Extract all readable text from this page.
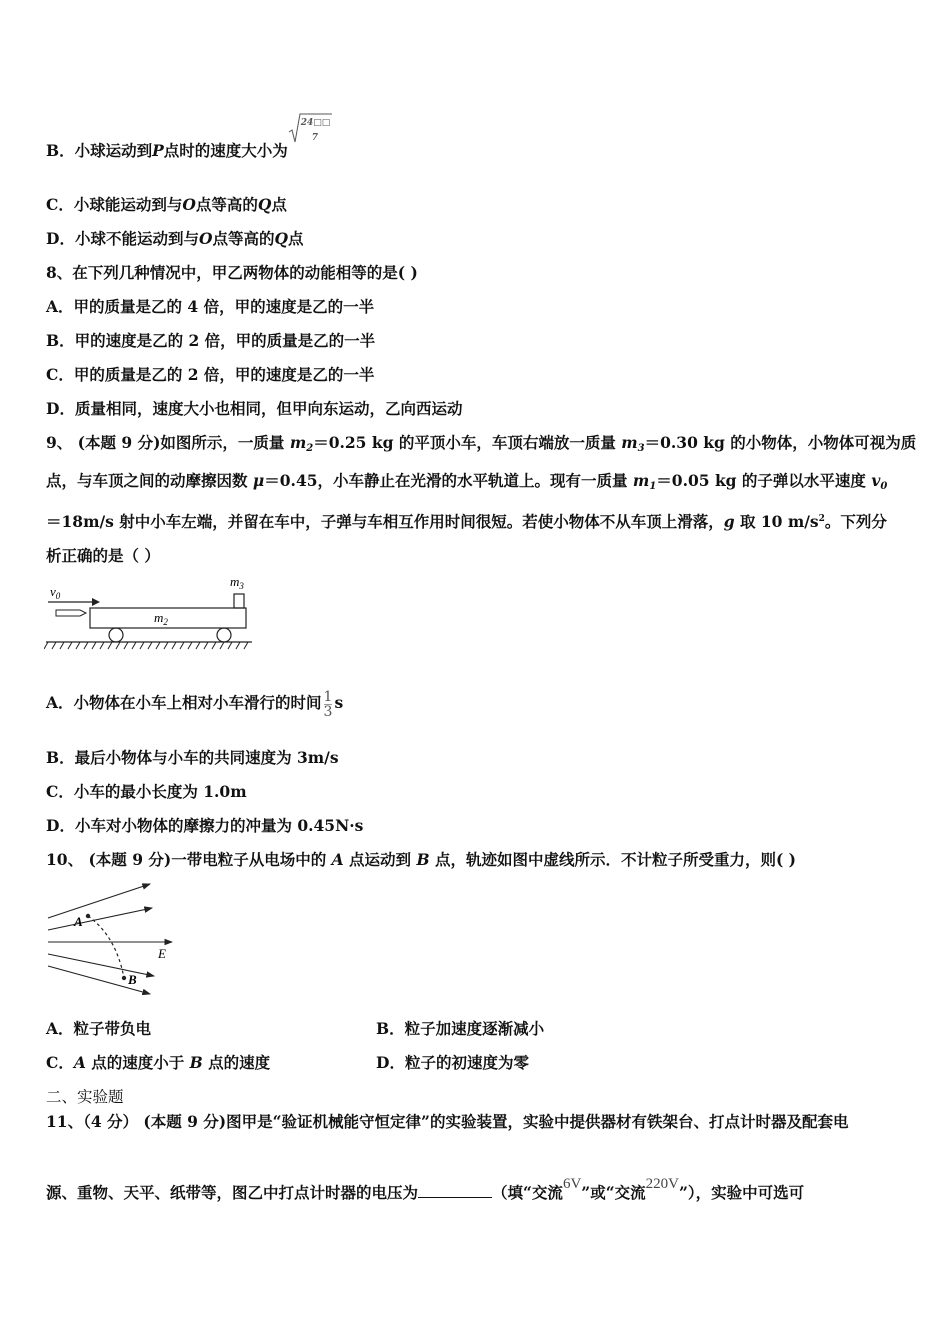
B．小球运动到P点时的速度大小为
24□□
7
C．小球能运动到与O点等高的Q点
D．小球不能运动到与O点等高的Q点
8、在下列几种情况中，甲乙两物体的动能相等的是( )
A．甲的质量是乙的 4 倍，甲的速度是乙的一半
B．甲的速度是乙的 2 倍，甲的质量是乙的一半
C．甲的质量是乙的 2 倍，甲的速度是乙的一半
D．质量相同，速度大小也相同，但甲向东运动，乙向西运动
9、 (本题 9 分)如图所示，一质量 $m_2=0.25$ kg 的平顶小车，车顶右端放一质量 $m_3=0.30$ kg 的小物体，小物体可视为质
点，与车顶之间的动摩擦因数 μ＝0.45，小车静止在光滑的水平轨道上。现有一质量 $m_1=0.05$ kg 的子弹以水平速度 $v_0$
＝18m/s 射中小车左端，并留在车中，子弹与车相互作用时间很短。若使小物体不从车顶上滑落，g 取 10 $m/s^2$。下列分
析正确的是（ ）
$v_0$
$m_2$
$m_3$
A．小物体在小车上相对小车滑行的时间 $\frac{1}{3}$ s
B．最后小物体与小车的共同速度为 3m/s
C．小车的最小长度为 1.0m
D．小车对小物体的摩擦力的冲量为 0.45N·s
10、 (本题 9 分)一带电粒子从电场中的 A 点运动到 B 点，轨迹如图中虚线所示．不计粒子所受重力，则( )
A
B
E
A．粒子带负电	B．粒子加速度逐渐减小
C．A 点的速度小于 B 点的速度	D．粒子的初速度为零
二、实验题
11、（4 分） (本题 9 分)图甲是“验证机械能守恒定律”的实验装置，实验中提供器材有铁架台、打点计时器及配套电
源、重物、天平、纸带等，图乙中打点计时器的电压为	（填“交流6V”或“交流220V”），实验中可选可
